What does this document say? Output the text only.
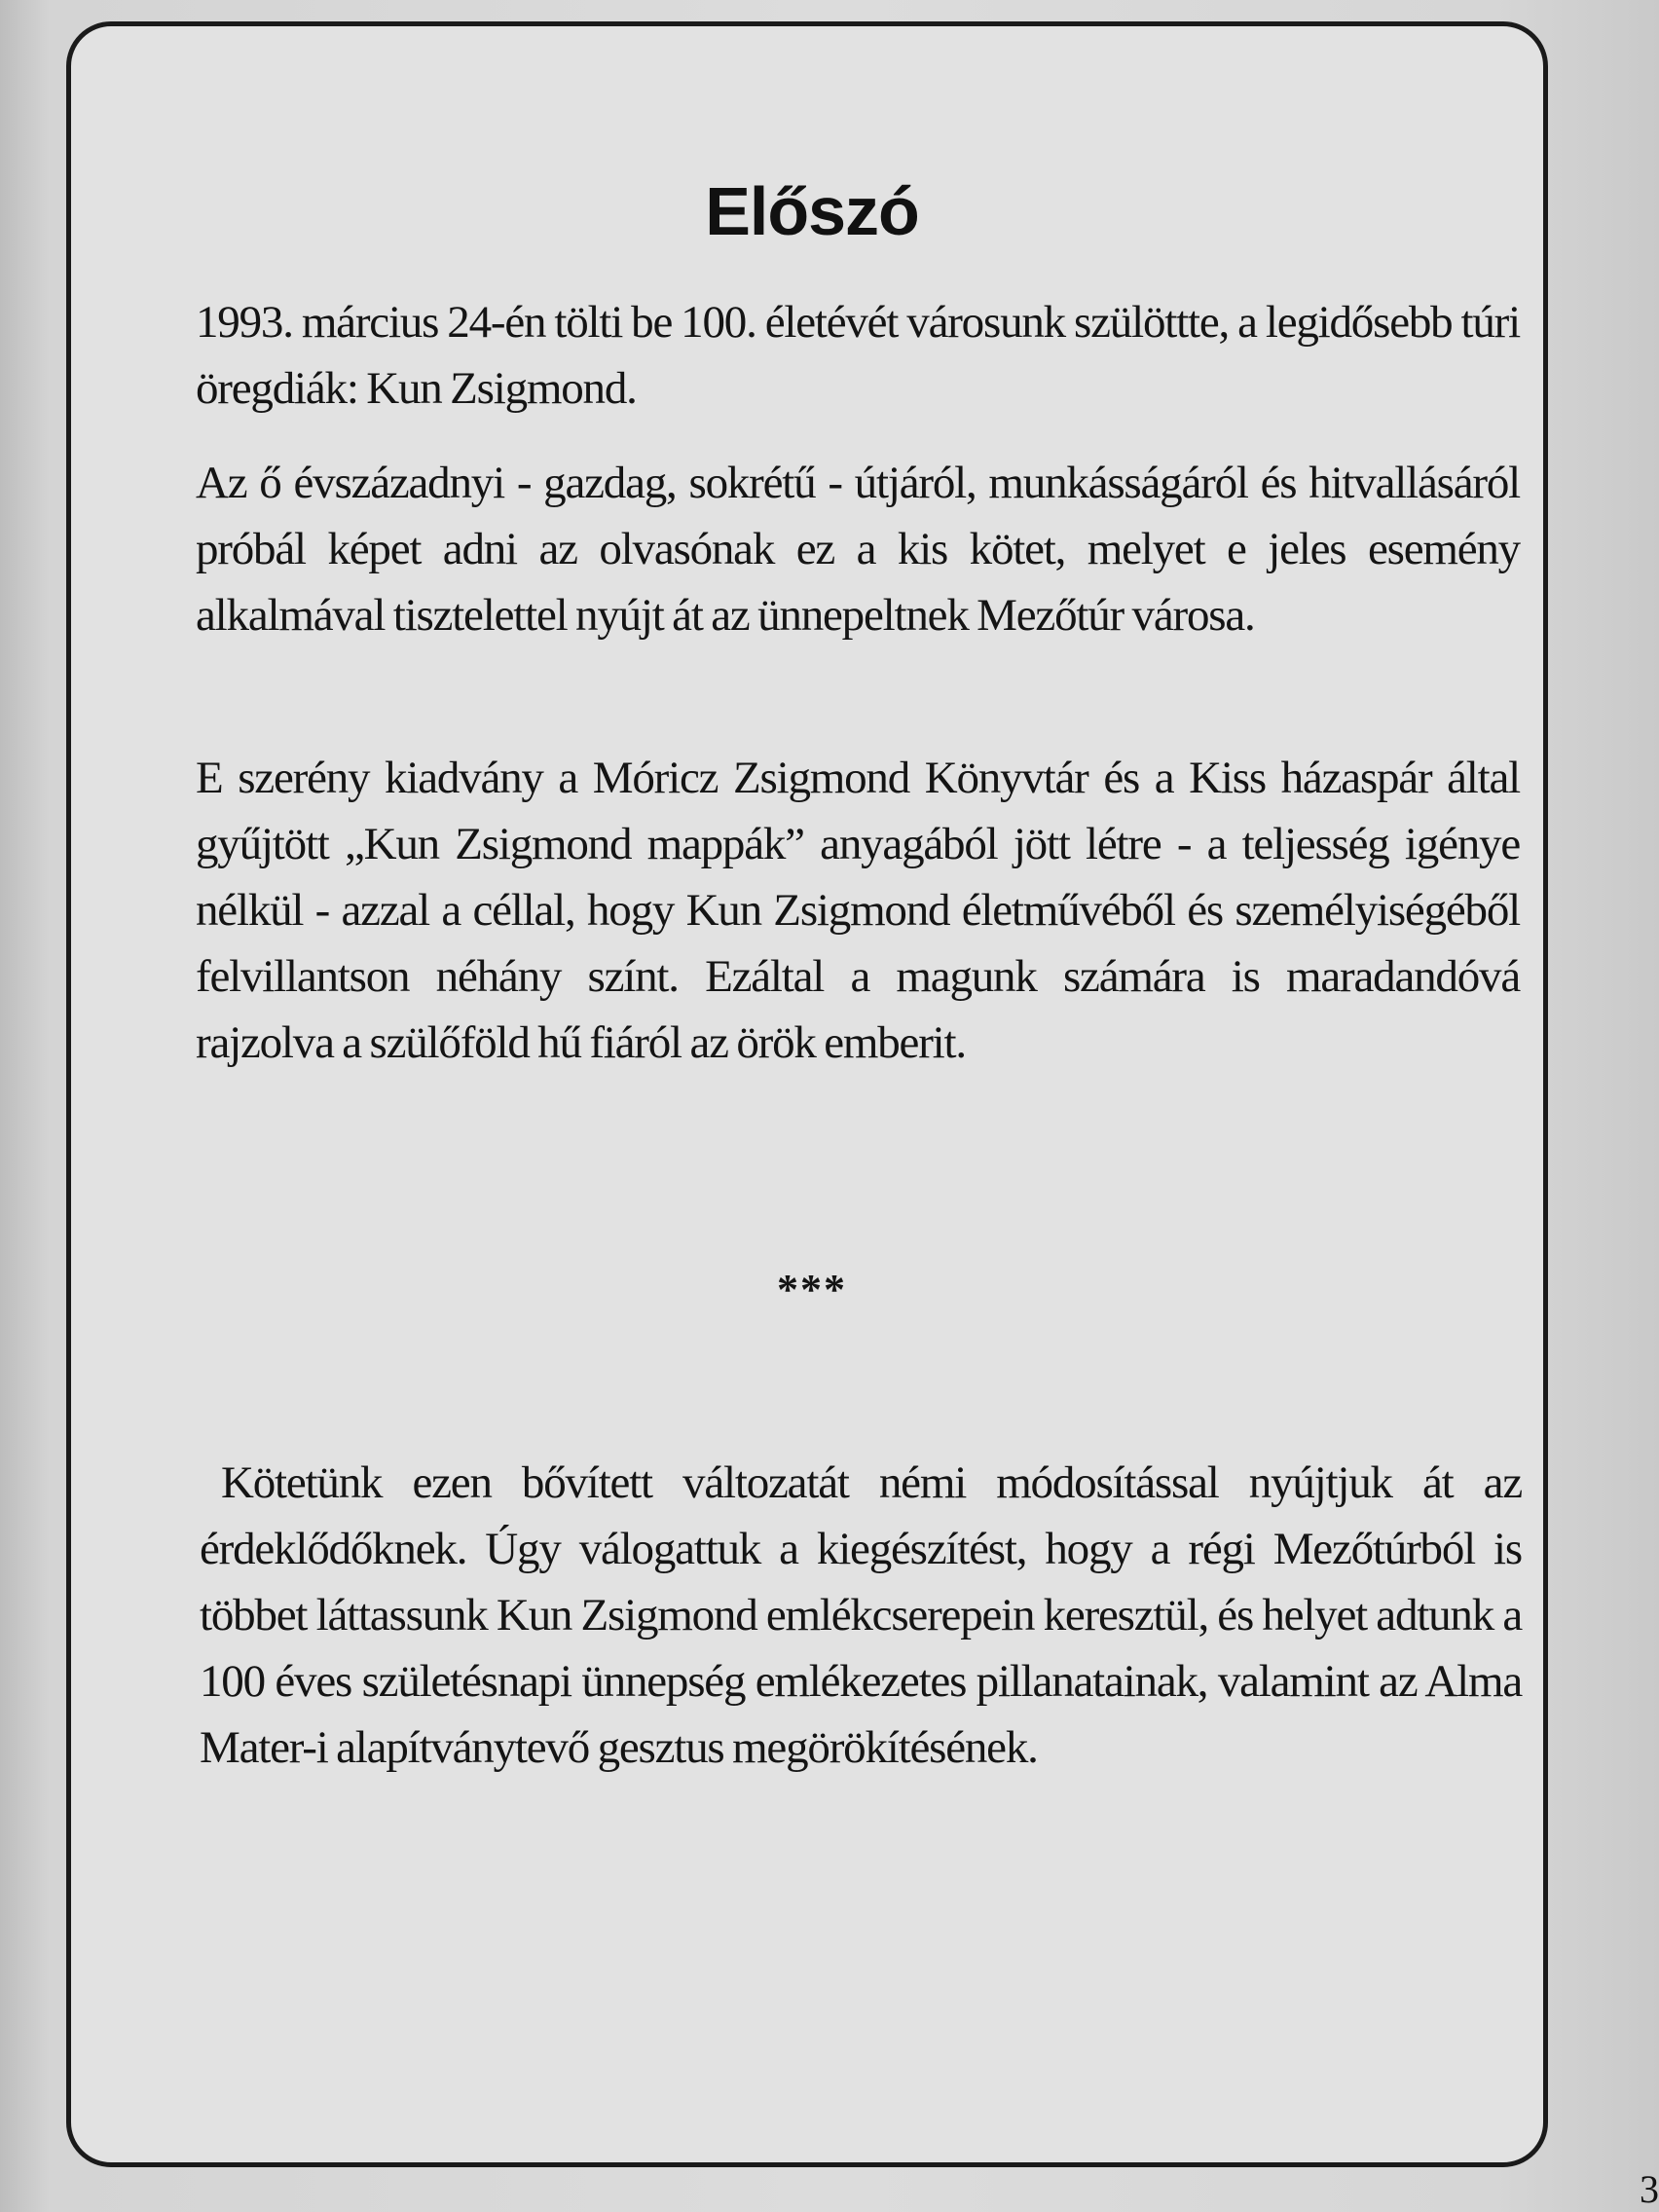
Előszó
1993. március 24-én tölti be 100. életévét városunk szülöttte, a legidősebb túri öregdiák: Kun Zsigmond.
Az ő évszázadnyi - gazdag, sokrétű - útjáról, munkásságáról és hitvallásáról próbál képet adni az olvasónak ez a kis kötet, melyet e jeles esemény alkalmával tisztelettel nyújt át az ünnepeltnek Mezőtúr városa.
E szerény kiadvány a Móricz Zsigmond Könyvtár és a Kiss házaspár által gyűjtött „Kun Zsigmond mappák” anyagából jött létre - a teljesség igénye nélkül - azzal a céllal, hogy Kun Zsigmond életművéből és személyiségéből felvillantson néhány színt. Ezáltal a magunk számára is maradandóvá rajzolva a szülőföld hű fiáról az örök emberit.
***
Kötetünk ezen bővített változatát némi módosítással nyújtjuk át az érdeklődőknek. Úgy válogattuk a kiegészítést, hogy a régi Mezőtúrból is többet láttassunk Kun Zsigmond emlékcserepein keresztül, és helyet adtunk a 100 éves születésnapi ünnepség emlékezetes pillanatainak, valamint az Alma Mater-i alapítványtevő gesztus megörökítésének.
3
